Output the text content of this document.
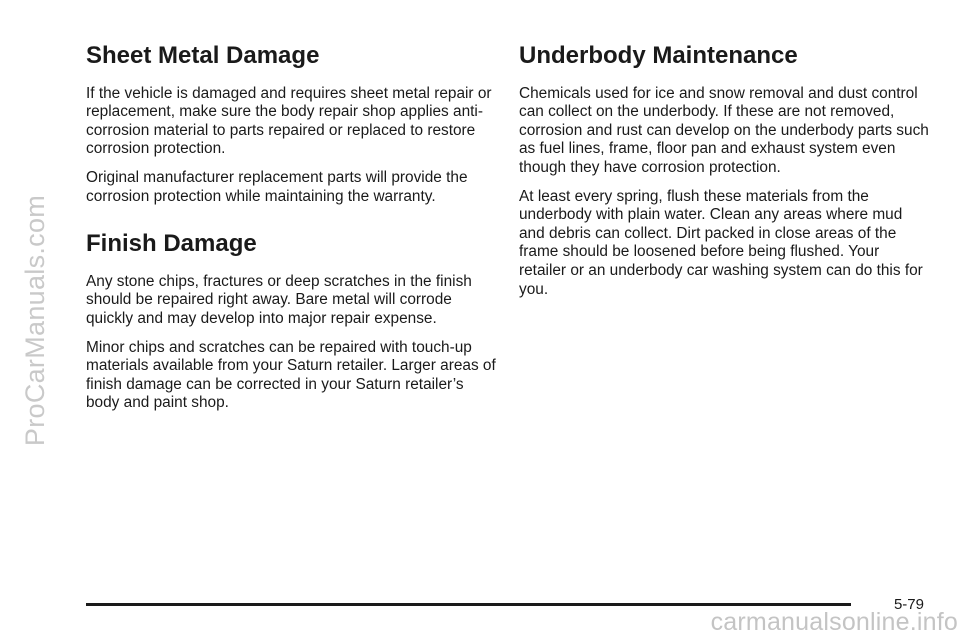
ProCarManuals.com
Sheet Metal Damage

If the vehicle is damaged and requires sheet metal repair or replacement, make sure the body repair shop applies anti-corrosion material to parts repaired or replaced to restore corrosion protection.

Original manufacturer replacement parts will provide the corrosion protection while maintaining the warranty.

Finish Damage

Any stone chips, fractures or deep scratches in the finish should be repaired right away. Bare metal will corrode quickly and may develop into major repair expense.

Minor chips and scratches can be repaired with touch-up materials available from your Saturn retailer. Larger areas of finish damage can be corrected in your Saturn retailer’s body and paint shop.

Underbody Maintenance

Chemicals used for ice and snow removal and dust control can collect on the underbody. If these are not removed, corrosion and rust can develop on the underbody parts such as fuel lines, frame, floor pan and exhaust system even though they have corrosion protection.

At least every spring, flush these materials from the underbody with plain water. Clean any areas where mud and debris can collect. Dirt packed in close areas of the frame should be loosened before being flushed. Your retailer or an underbody car washing system can do this for you.

5-79
carmanualsonline.info
